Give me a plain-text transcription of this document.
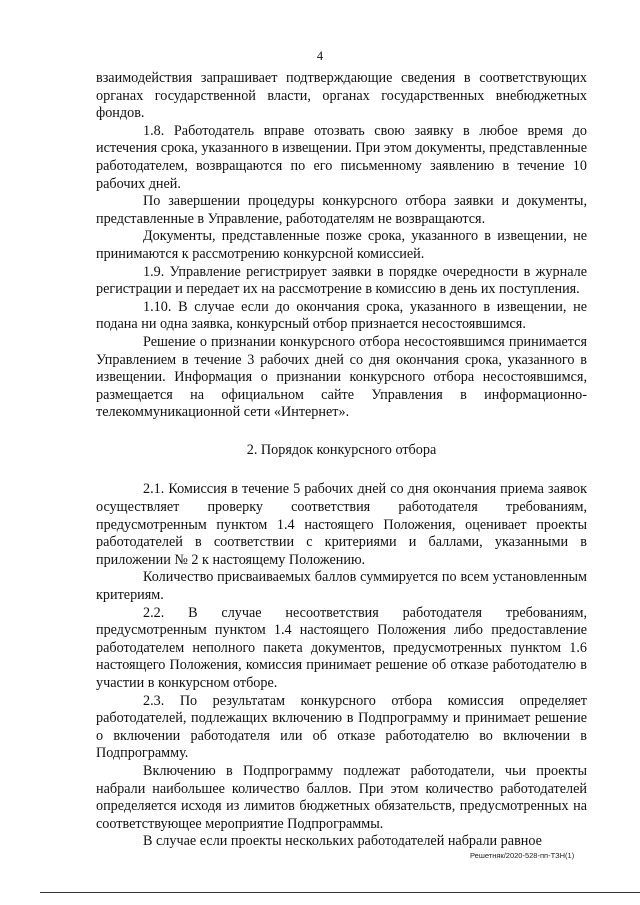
4

взаимодействия запрашивает подтверждающие сведения в соответствующих органах государственной власти, органах государственных внебюджетных фондов.

1.8. Работодатель вправе отозвать свою заявку в любое время до истечения срока, указанного в извещении. При этом документы, представленные работодателем, возвращаются по его письменному заявлению в течение 10 рабочих дней.

По завершении процедуры конкурсного отбора заявки и документы, представленные в Управление, работодателям не возвращаются.

Документы, представленные позже срока, указанного в извещении, не принимаются к рассмотрению конкурсной комиссией.

1.9. Управление регистрирует заявки в порядке очередности в журнале регистрации и передает их на рассмотрение в комиссию в день их поступления.

1.10. В случае если до окончания срока, указанного в извещении, не подана ни одна заявка, конкурсный отбор признается несостоявшимся.

Решение о признании конкурсного отбора несостоявшимся принимается Управлением в течение 3 рабочих дней со дня окончания срока, указанного в извещении. Информация о признании конкурсного отбора несостоявшимся, размещается на официальном сайте Управления в информационно-телекоммуникационной сети «Интернет».

2. Порядок конкурсного отбора

2.1. Комиссия в течение 5 рабочих дней со дня окончания приема заявок осуществляет проверку соответствия работодателя требованиям, предусмотренным пунктом 1.4 настоящего Положения, оценивает проекты работодателей в соответствии с критериями и баллами, указанными в приложении № 2 к настоящему Положению.

Количество присваиваемых баллов суммируется по всем установленным критериям.

2.2. В случае несоответствия работодателя требованиям, предусмотренным пунктом 1.4 настоящего Положения либо предоставление работодателем неполного пакета документов, предусмотренных пунктом 1.6 настоящего Положения, комиссия принимает решение об отказе работодателю в участии в конкурсном отборе.

2.3. По результатам конкурсного отбора комиссия определяет работодателей, подлежащих включению в Подпрограмму и принимает решение о включении работодателя или об отказе работодателю во включении в Подпрограмму.

Включению в Подпрограмму подлежат работодатели, чьи проекты набрали наибольшее количество баллов. При этом количество работодателей определяется исходя из лимитов бюджетных обязательств, предусмотренных на соответствующее мероприятие Подпрограммы.

В случае если проекты нескольких работодателей набрали равное

Решетняк/2020-528-пп-ТЗН(1)
